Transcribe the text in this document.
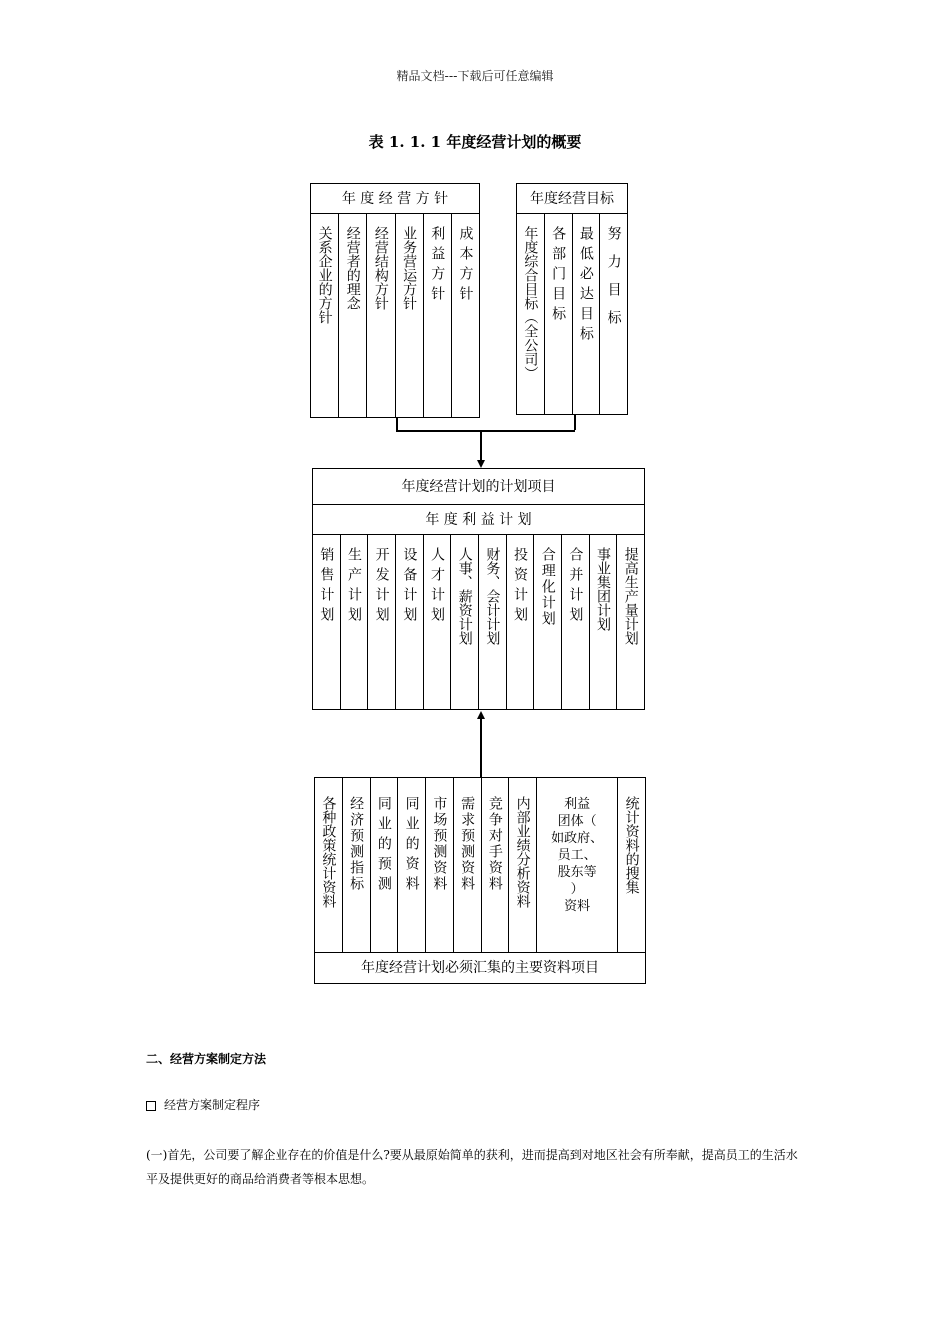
精品文档---下载后可任意编辑
表 1. 1. 1 年度经营计划的概要
年 度 经 营 方 针
关系企业的方针 经营者的理念 经营结构方针 业务营运方针 利益方针 成本方针
年度经营目标
年度综合目标（全公司） 各部门目标 最低必达目标 努力目标
年度经营计划的计划项目
年 度 利 益 计 划
销售计划 生产计划 开发计划 设备计划 人才计划 人事、薪资计划 财务、会计计划 投资计划 合理化计划 合并计划 事业集团计划 提高生产量计划
各种政策统计资料 经济预测指标 同业的预测 同业的资料 市场预测资料 需求预测资料 竞争对手资料 内部业绩分析资料	利益
团体（
如政府、
员工、
股东等
）
资料
统计资料的搜集
年度经营计划必须汇集的主要资料项目
二、经营方案制定方法
经营方案制定程序
(一)首先，公司要了解企业存在的价值是什么?要从最原始简单的获利，进而提高到对地区社会有所奉献，提高员工的生活水平及提供更好的商品给消费者等根本思想。
